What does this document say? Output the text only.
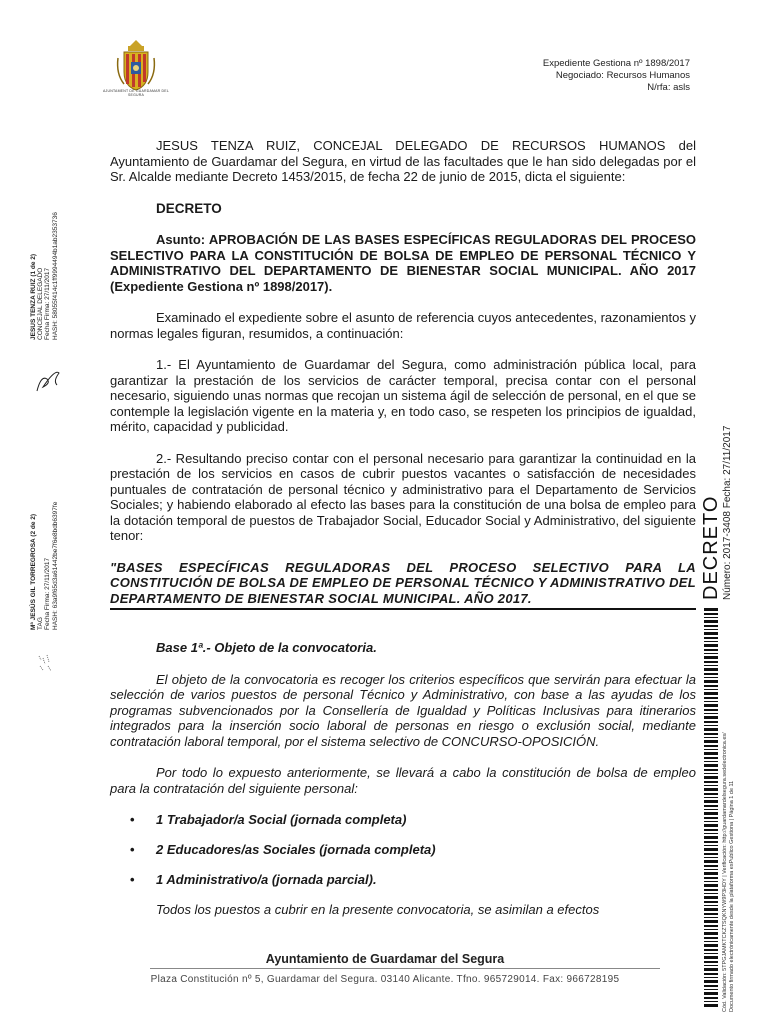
AJUNTAMENT DE GUARDAMAR DEL SEGURA
Expediente Gestiona nº 1898/2017
Negociado: Recursos Humanos
N/rfa: asls

JESUS TENZA RUIZ, CONCEJAL DELEGADO DE RECURSOS HUMANOS del Ayuntamiento de Guardamar del Segura, en virtud de las facultades que le han sido delegadas por el Sr. Alcalde mediante Decreto 1453/2015, de fecha 22 de junio de 2015, dicta el siguiente:

DECRETO

Asunto: APROBACIÓN DE LAS BASES ESPECÍFICAS REGULADORAS DEL PROCESO SELECTIVO PARA LA CONSTITUCIÓN DE BOLSA DE EMPLEO DE PERSONAL TÉCNICO Y ADMINISTRATIVO DEL DEPARTAMENTO DE BIENESTAR SOCIAL MUNICIPAL. AÑO 2017 (Expediente Gestiona nº 1898/2017).

Examinado el expediente sobre el asunto de referencia cuyos antecedentes, razonamientos y normas legales figuran, resumidos, a continuación:

1.- El Ayuntamiento de Guardamar del Segura, como administración pública local, para garantizar la prestación de los servicios de carácter temporal, precisa contar con el personal necesario, siguiendo unas normas que recojan un sistema ágil de selección de personal, en el que se contemple la legislación vigente en la materia y, en todo caso, se respeten los principios de igualdad, mérito, capacidad y publicidad.

2.- Resultando preciso contar con el personal necesario para garantizar la continuidad en la prestación de los servicios en casos de cubrir puestos vacantes o satisfacción de necesidades puntuales de contratación de personal técnico y administrativo para el Departamento de Servicios Sociales; y habiendo elaborado al efecto las bases para la constitución de una bolsa de empleo para la dotación temporal de puestos de Trabajador Social, Educador Social y Administrativo, del siguiente tenor:

"BASES ESPECÍFICAS REGULADORAS DEL PROCESO SELECTIVO PARA LA CONSTITUCIÓN DE BOLSA DE EMPLEO DE PERSONAL TÉCNICO Y ADMINISTRATIVO DEL DEPARTAMENTO DE BIENESTAR SOCIAL MUNICIPAL. AÑO 2017.

Base 1ª.- Objeto de la convocatoria.

El objeto de la convocatoria es recoger los criterios específicos que servirán para efectuar la selección de varios puestos de personal Técnico y Administrativo, con base a las ayudas de los programas subvencionados por la Consellería de Igualdad y Políticas Inclusivas para itinerarios integrados para la inserción socio laboral de personas en riesgo o exclusión social, mediante contratación laboral temporal, por el sistema selectivo de CONCURSO-OPOSICIÓN.

Por todo lo expuesto anteriormente, se llevará a cabo la constitución de bolsa de empleo para la contratación del siguiente personal:

• 1 Trabajador/a Social (jornada completa)
• 2 Educadores/as Sociales (jornada completa)
• 1 Administrativo/a (jornada parcial).

Todos los puestos a cubrir en la presente convocatoria, se asimilan a efectos

Ayuntamiento de Guardamar del Segura
Plaza Constitución nº 5, Guardamar del Segura. 03140 Alicante. Tfno. 965729014. Fax: 966728195
JESUS TENZA RUIZ (1 de 2) CONCEJAL DELEGADO Fecha Firma: 27/11/2017 HASH: 58055f414c1ff9994494b1ab2353736
Mª JESÚS GIL TORREGROSA (2 de 2) TAG Fecha Firma: 27/11/2017 HASH: 63a9f65d3a61442be7f6e8bdb6397fe	DECRETO Número: 2017-3408 Fecha: 27/11/2017
Cód. Validación: 5TPGJAMKTCKZTSQKNYW9P3HDY | Verificación: http://guardamardelsegura.sedelectronica.es/ Documento firmado electrónicamente desde la plataforma esPublico Gestiona | Página 1 de 11
